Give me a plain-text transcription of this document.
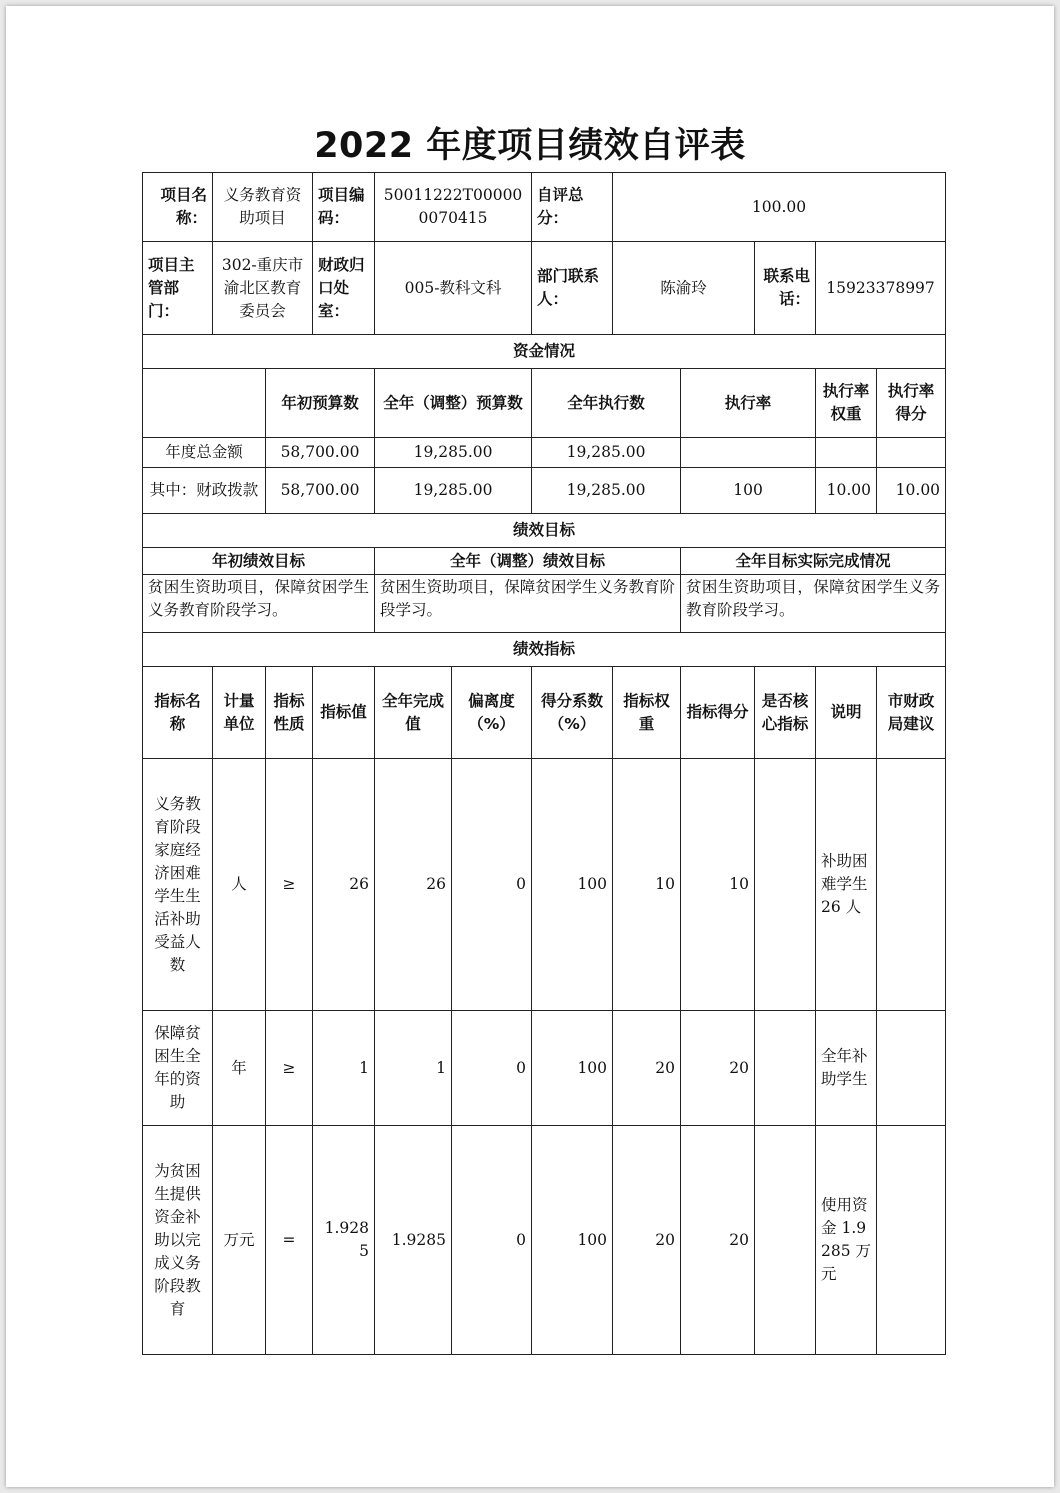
2022 年度项目绩效自评表
项目名称：	义务教育资助项目		项目编码：	50011222T000000070415		自评总分：	100.00				
项目主管部门：	302-重庆市渝北区教育委员会		财政归口处室：	005-教科文科		部门联系人：	陈渝玲		联系电话：	15923378997	
资金情况											
		年初预算数		全年（调整）预算数		全年执行数		执行率		执行率权重	执行率得分
年度总金额		58,700.00		19,285.00		19,285.00					
其中：财政拨款		58,700.00		19,285.00		19,285.00		100		10.00	10.00
绩效目标											
年初绩效目标				全年（调整）绩效目标				全年目标实际完成情况			
贫困生资助项目，保障贫困学生义务教育阶段学习。				贫困生资助项目，保障贫困学生义务教育阶段学习。				贫困生资助项目，保障贫困学生义务教育阶段学习。			
绩效指标											
指标名称	计量单位	指标性质	指标值	全年完成值	偏离度（%）	得分系数（%）	指标权重	指标得分	是否核心指标	说明	市财政局建议
义务教育阶段家庭经济困难学生生活补助受益人数	人	≥	26	26	0	100	10	10		补助困难学生 26 人	
保障贫困生全年的资助	年	≥	1	1	0	100	20	20		全年补助学生	
为贫困生提供资金补助以完成义务阶段教育	万元	=	1.9285	1.9285	0	100	20	20		使用资金 1.9285 万元	
